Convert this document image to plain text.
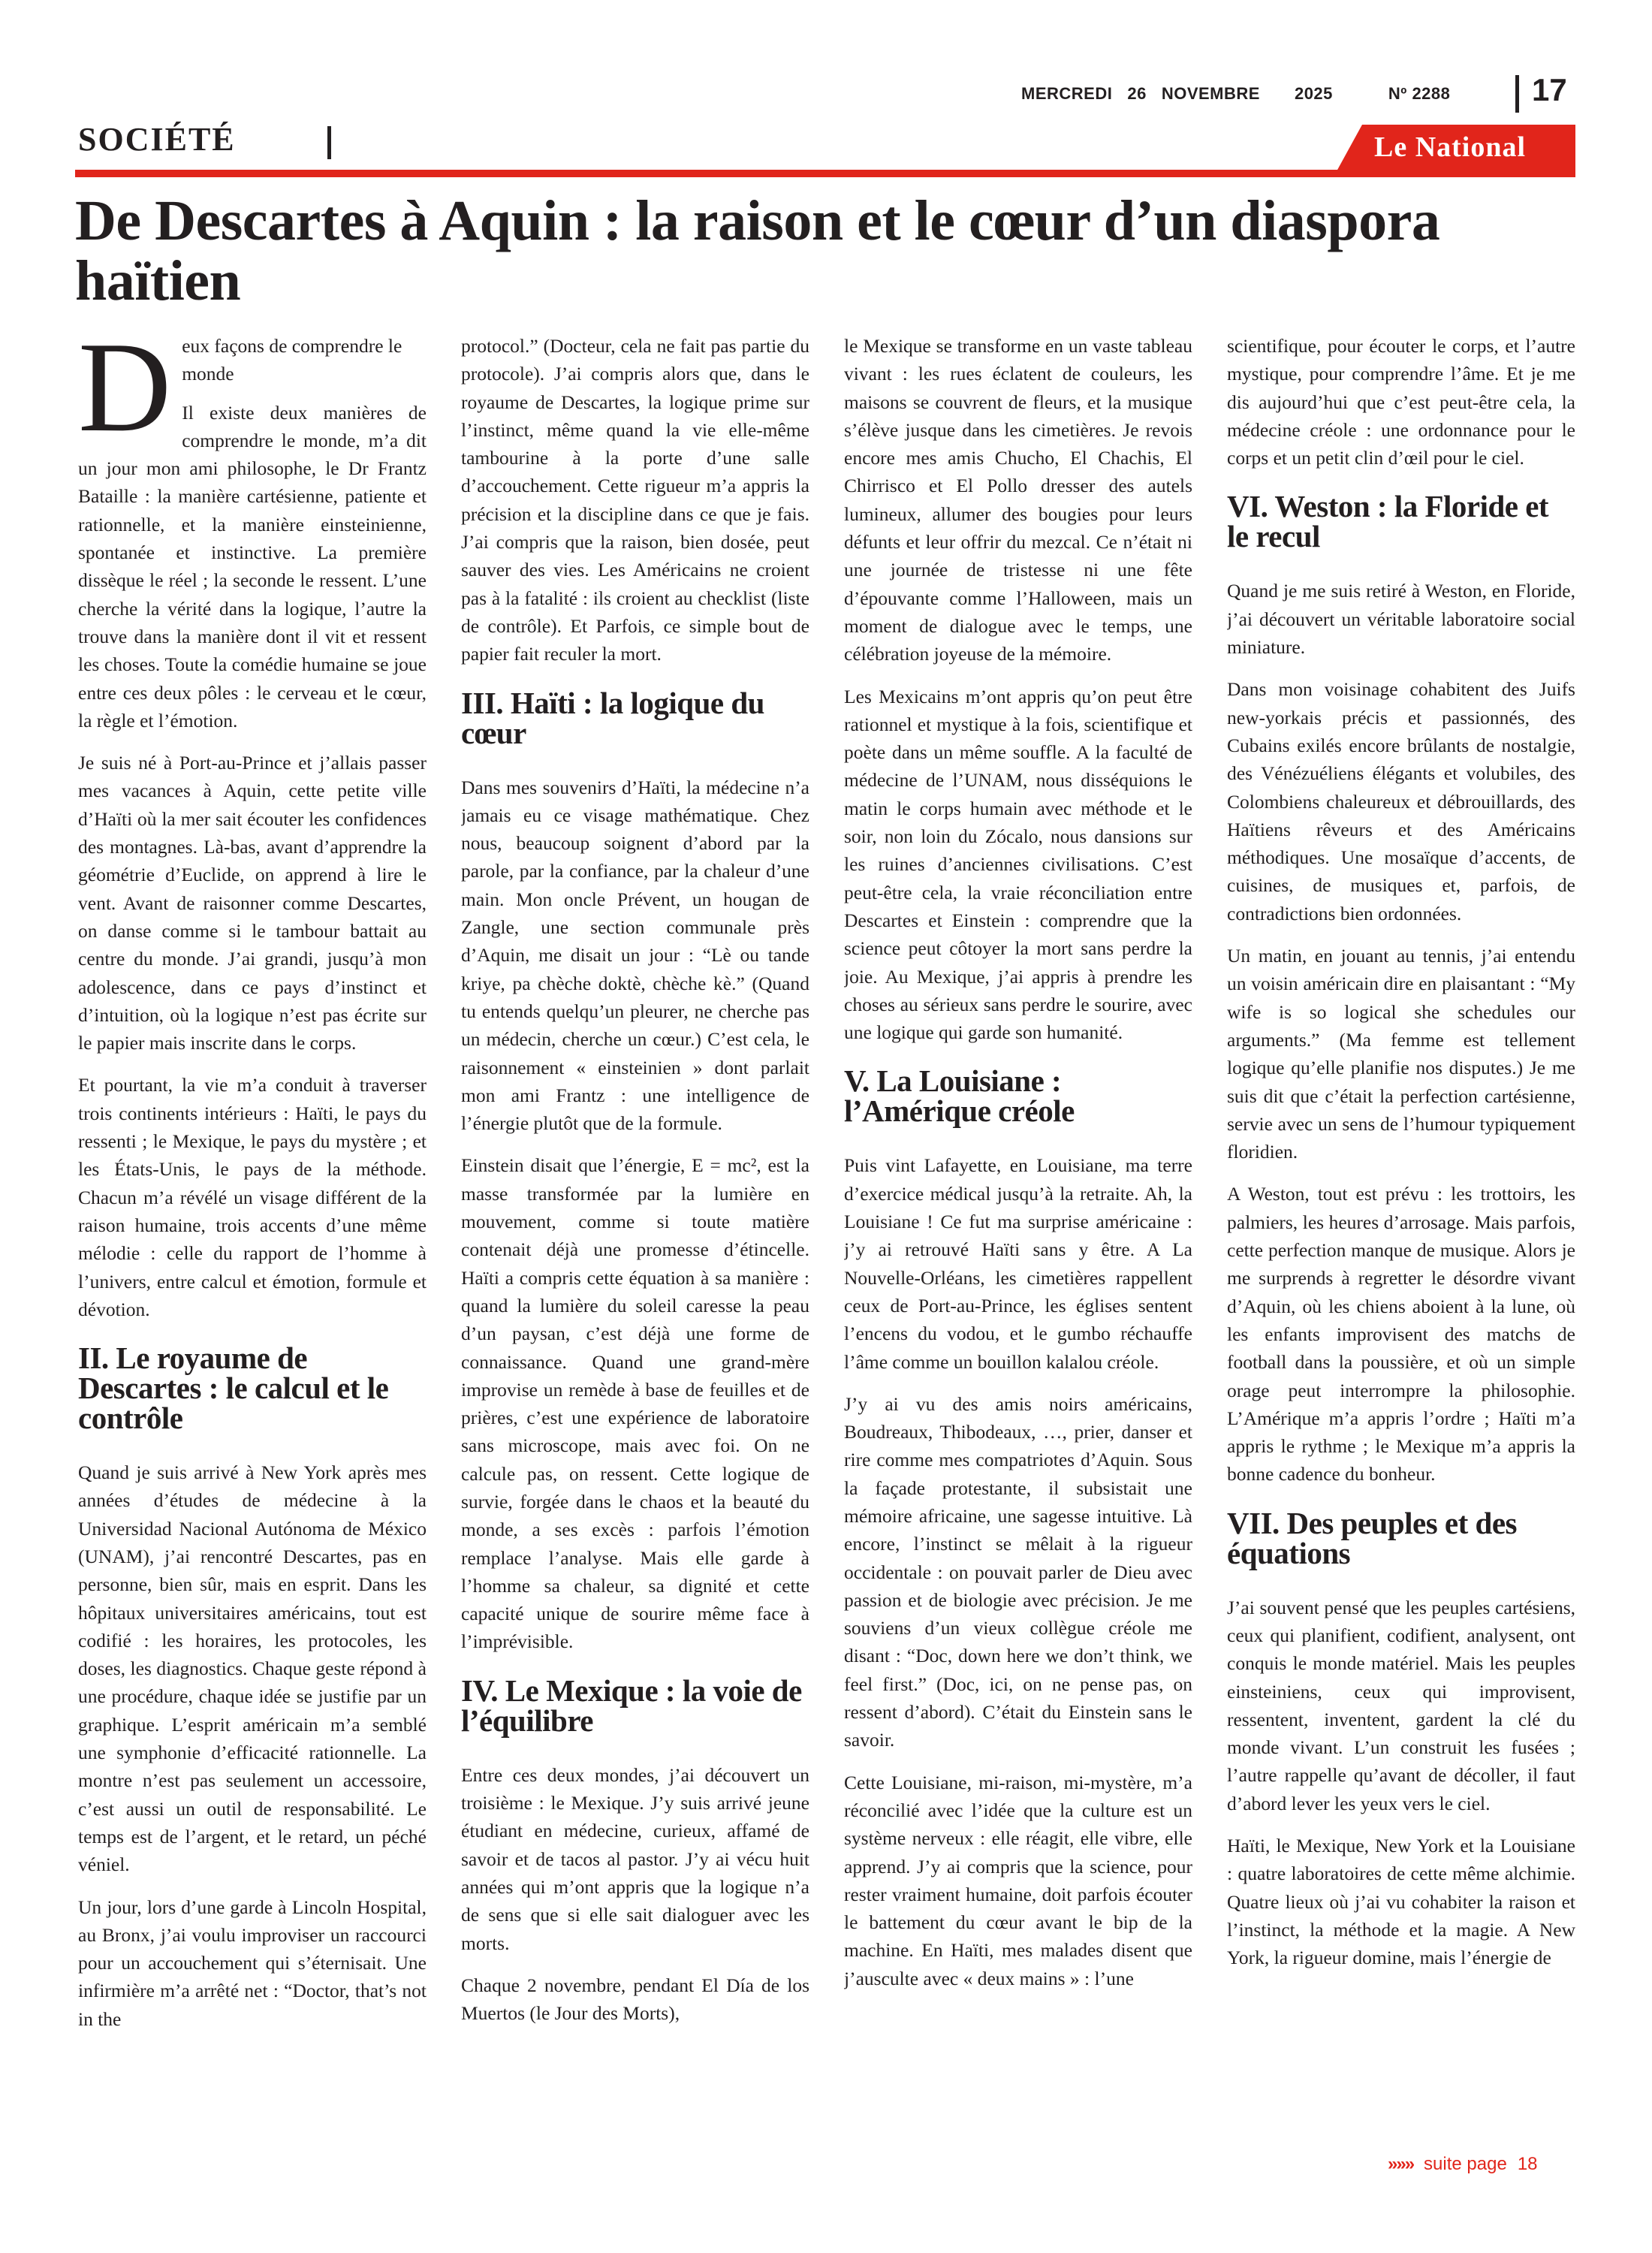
MERCREDI 26 NOVEMBRE 2025	Nº 2288	17
SOCIÉTÉ	Le National
De Descartes à Aquin : la raison et le cœur d’un diaspora haïtien
D eux façons de comprendre le monde

Il existe deux manières de comprendre le monde, m’a dit un jour mon ami philosophe, le Dr Frantz Bataille : la manière cartésienne, patiente et rationnelle, et la manière einsteinienne, spontanée et instinctive. La première dissèque le réel ; la seconde le ressent. L’une cherche la vérité dans la logique, l’autre la trouve dans la manière dont il vit et ressent les choses. Toute la comédie humaine se joue entre ces deux pôles : le cerveau et le cœur, la règle et l’émotion.

Je suis né à Port-au-Prince et j’allais passer mes vacances à Aquin, cette petite ville d’Haïti où la mer sait écouter les confidences des montagnes. Là-bas, avant d’apprendre la géométrie d’Euclide, on apprend à lire le vent. Avant de raisonner comme Descartes, on danse comme si le tambour battait au centre du monde. J’ai grandi, jusqu’à mon adolescence, dans ce pays d’instinct et d’intuition, où la logique n’est pas écrite sur le papier mais inscrite dans le corps.

Et pourtant, la vie m’a conduit à traverser trois continents intérieurs : Haïti, le pays du ressenti ; le Mexique, le pays du mystère ; et les États-Unis, le pays de la méthode. Chacun m’a révélé un visage différent de la raison humaine, trois accents d’une même mélodie : celle du rapport de l’homme à l’univers, entre calcul et émotion, formule et dévotion.

II. Le royaume de Descartes : le calcul et le contrôle

Quand je suis arrivé à New York après mes années d’études de médecine à la Universidad Nacional Autónoma de México (UNAM), j’ai rencontré Descartes, pas en personne, bien sûr, mais en esprit. Dans les hôpitaux universitaires américains, tout est codifié : les horaires, les protocoles, les doses, les diagnostics. Chaque geste répond à une procédure, chaque idée se justifie par un graphique. L’esprit américain m’a semblé une symphonie d’efficacité rationnelle. La montre n’est pas seulement un accessoire, c’est aussi un outil de responsabilité. Le temps est de l’argent, et le retard, un péché véniel.

Un jour, lors d’une garde à Lincoln Hospital, au Bronx, j’ai voulu improviser un raccourci pour un accouchement qui s’éternisait. Une infirmière m’a arrêté net : “Doctor, that’s not in the

protocol.” (Docteur, cela ne fait pas partie du protocole). J’ai compris alors que, dans le royaume de Descartes, la logique prime sur l’instinct, même quand la vie elle-même tambourine à la porte d’une salle d’accouchement. Cette rigueur m’a appris la précision et la discipline dans ce que je fais. J’ai compris que la raison, bien dosée, peut sauver des vies. Les Américains ne croient pas à la fatalité : ils croient au checklist (liste de contrôle). Et Parfois, ce simple bout de papier fait reculer la mort.

III. Haïti : la logique du cœur

Dans mes souvenirs d’Haïti, la médecine n’a jamais eu ce visage mathématique. Chez nous, beaucoup soignent d’abord par la parole, par la confiance, par la chaleur d’une main. Mon oncle Prévent, un hougan de Zangle, une section communale près d’Aquin, me disait un jour : “Lè ou tande kriye, pa chèche doktè, chèche kè.” (Quand tu entends quelqu’un pleurer, ne cherche pas un médecin, cherche un cœur.) C’est cela, le raisonnement « einsteinien » dont parlait mon ami Frantz : une intelligence de l’énergie plutôt que de la formule.

Einstein disait que l’énergie, E = mc², est la masse transformée par la lumière en mouvement, comme si toute matière contenait déjà une promesse d’étincelle. Haïti a compris cette équation à sa manière : quand la lumière du soleil caresse la peau d’un paysan, c’est déjà une forme de connaissance. Quand une grand-mère improvise un remède à base de feuilles et de prières, c’est une expérience de laboratoire sans microscope, mais avec foi. On ne calcule pas, on ressent. Cette logique de survie, forgée dans le chaos et la beauté du monde, a ses excès : parfois l’émotion remplace l’analyse. Mais elle garde à l’homme sa chaleur, sa dignité et cette capacité unique de sourire même face à l’imprévisible.

IV. Le Mexique : la voie de l’équilibre

Entre ces deux mondes, j’ai découvert un troisième : le Mexique. J’y suis arrivé jeune étudiant en médecine, curieux, affamé de savoir et de tacos al pastor. J’y ai vécu huit années qui m’ont appris que la logique n’a de sens que si elle sait dialoguer avec les morts.

Chaque 2 novembre, pendant El Día de los Muertos (le Jour des Morts),

le Mexique se transforme en un vaste tableau vivant : les rues éclatent de couleurs, les maisons se couvrent de fleurs, et la musique s’élève jusque dans les cimetières. Je revois encore mes amis Chucho, El Chachis, El Chirrisco et El Pollo dresser des autels lumineux, allumer des bougies pour leurs défunts et leur offrir du mezcal. Ce n’était ni une journée de tristesse ni une fête d’épouvante comme l’Halloween, mais un moment de dialogue avec le temps, une célébration joyeuse de la mémoire.

Les Mexicains m’ont appris qu’on peut être rationnel et mystique à la fois, scientifique et poète dans un même souffle. A la faculté de médecine de l’UNAM, nous disséquions le matin le corps humain avec méthode et le soir, non loin du Zócalo, nous dansions sur les ruines d’anciennes civilisations. C’est peut-être cela, la vraie réconciliation entre Descartes et Einstein : comprendre que la science peut côtoyer la mort sans perdre la joie. Au Mexique, j’ai appris à prendre les choses au sérieux sans perdre le sourire, avec une logique qui garde son humanité.

V. La Louisiane : l’Amérique créole

Puis vint Lafayette, en Louisiane, ma terre d’exercice médical jusqu’à la retraite. Ah, la Louisiane ! Ce fut ma surprise américaine : j’y ai retrouvé Haïti sans y être. A La Nouvelle-Orléans, les cimetières rappellent ceux de Port-au-Prince, les églises sentent l’encens du vodou, et le gumbo réchauffe l’âme comme un bouillon kalalou créole.

J’y ai vu des amis noirs américains, Boudreaux, Thibodeaux, …, prier, danser et rire comme mes compatriotes d’Aquin. Sous la façade protestante, il subsistait une mémoire africaine, une sagesse intuitive. Là encore, l’instinct se mêlait à la rigueur occidentale : on pouvait parler de Dieu avec passion et de biologie avec précision. Je me souviens d’un vieux collègue créole me disant : “Doc, down here we don’t think, we feel first.” (Doc, ici, on ne pense pas, on ressent d’abord). C’était du Einstein sans le savoir.

Cette Louisiane, mi-raison, mi-mystère, m’a réconcilié avec l’idée que la culture est un système nerveux : elle réagit, elle vibre, elle apprend. J’y ai compris que la science, pour rester vraiment humaine, doit parfois écouter le battement du cœur avant le bip de la machine. En Haïti, mes malades disent que j’ausculte avec « deux mains » : l’une

scientifique, pour écouter le corps, et l’autre mystique, pour comprendre l’âme. Et je me dis aujourd’hui que c’est peut-être cela, la médecine créole : une ordonnance pour le corps et un petit clin d’œil pour le ciel.

VI. Weston : la Floride et le recul

Quand je me suis retiré à Weston, en Floride, j’ai découvert un véritable laboratoire social miniature.

Dans mon voisinage cohabitent des Juifs new-yorkais précis et passionnés, des Cubains exilés encore brûlants de nostalgie, des Vénézuéliens élégants et volubiles, des Colombiens chaleureux et débrouillards, des Haïtiens rêveurs et des Américains méthodiques. Une mosaïque d’accents, de cuisines, de musiques et, parfois, de contradictions bien ordonnées.

Un matin, en jouant au tennis, j’ai entendu un voisin américain dire en plaisantant : “My wife is so logical she schedules our arguments.” (Ma femme est tellement logique qu’elle planifie nos disputes.) Je me suis dit que c’était la perfection cartésienne, servie avec un sens de l’humour typiquement floridien.

A Weston, tout est prévu : les trottoirs, les palmiers, les heures d’arrosage. Mais parfois, cette perfection manque de musique. Alors je me surprends à regretter le désordre vivant d’Aquin, où les chiens aboient à la lune, où les enfants improvisent des matchs de football dans la poussière, et où un simple orage peut interrompre la philosophie. L’Amérique m’a appris l’ordre ; Haïti m’a appris le rythme ; le Mexique m’a appris la bonne cadence du bonheur.

VII. Des peuples et des équations

J’ai souvent pensé que les peuples cartésiens, ceux qui planifient, codifient, analysent, ont conquis le monde matériel. Mais les peuples einsteiniens, ceux qui improvisent, ressentent, inventent, gardent la clé du monde vivant. L’un construit les fusées ; l’autre rappelle qu’avant de décoller, il faut d’abord lever les yeux vers le ciel.

Haïti, le Mexique, New York et la Louisiane : quatre laboratoires de cette même alchimie. Quatre lieux où j’ai vu cohabiter la raison et l’instinct, la méthode et la magie. A New York, la rigueur domine, mais l’énergie de

»»» suite page 18
